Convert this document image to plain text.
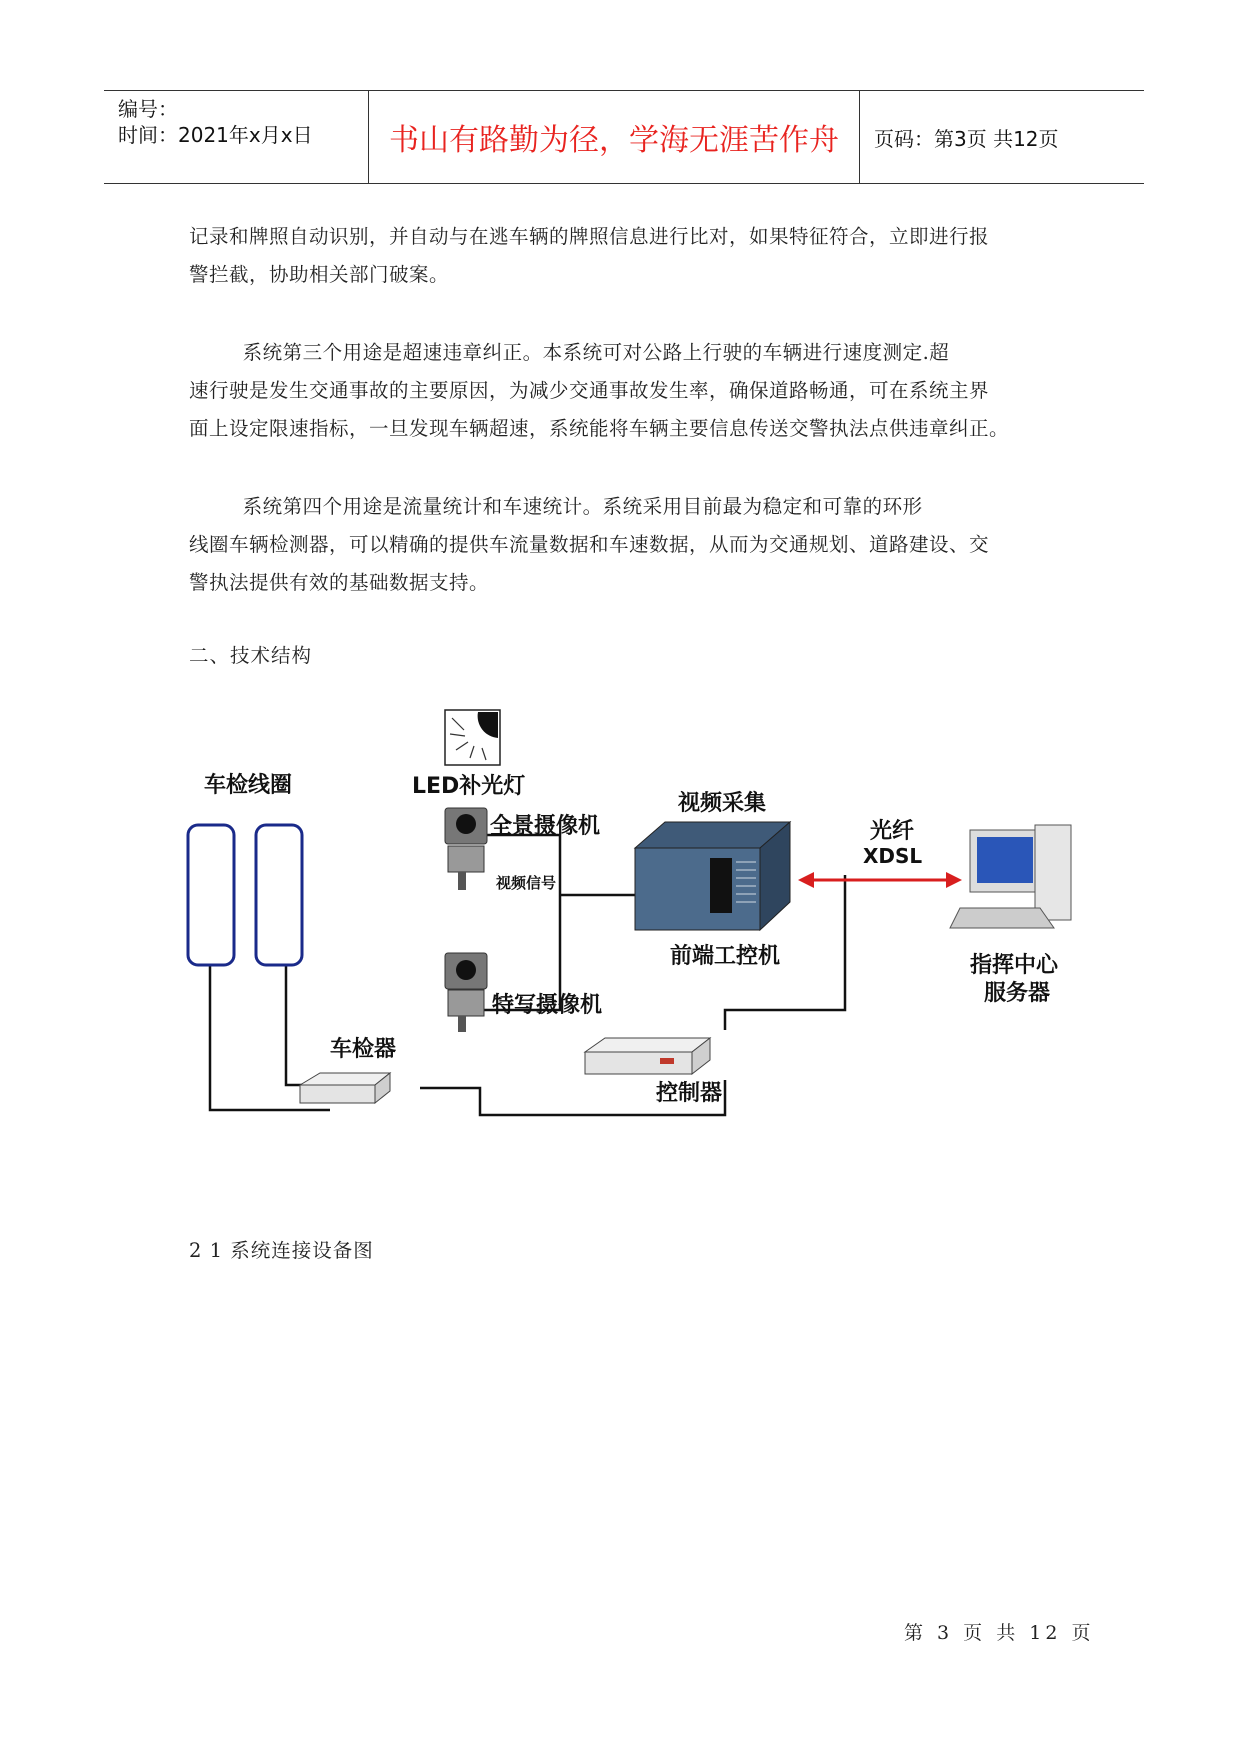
编号：
时间：2021年x月x日	书山有路勤为径，学海无涯苦作舟	页码：第3页 共12页
记录和牌照自动识别，并自动与在逃车辆的牌照信息进行比对，如果特征符合，立即进行报
警拦截，协助相关部门破案。
系统第三个用途是超速违章纠正。本系统可对公路上行驶的车辆进行速度测定.超
速行驶是发生交通事故的主要原因，为减少交通事故发生率，确保道路畅通，可在系统主界
面上设定限速指标，一旦发现车辆超速，系统能将车辆主要信息传送交警执法点供违章纠正。
系统第四个用途是流量统计和车速统计。系统采用目前最为稳定和可靠的环形
线圈车辆检测器，可以精确的提供车流量数据和车速数据，从而为交通规划、道路建设、交
警执法提供有效的基础数据支持。
二、技术结构
LED补光灯
车检线圈
全景摄像机
视频信号
特写摄像机
视频采集
前端工控机
光纤
XDSL
指挥中心
服务器
车检器
控制器
2 1 系统连接设备图
第 3 页 共 12 页
